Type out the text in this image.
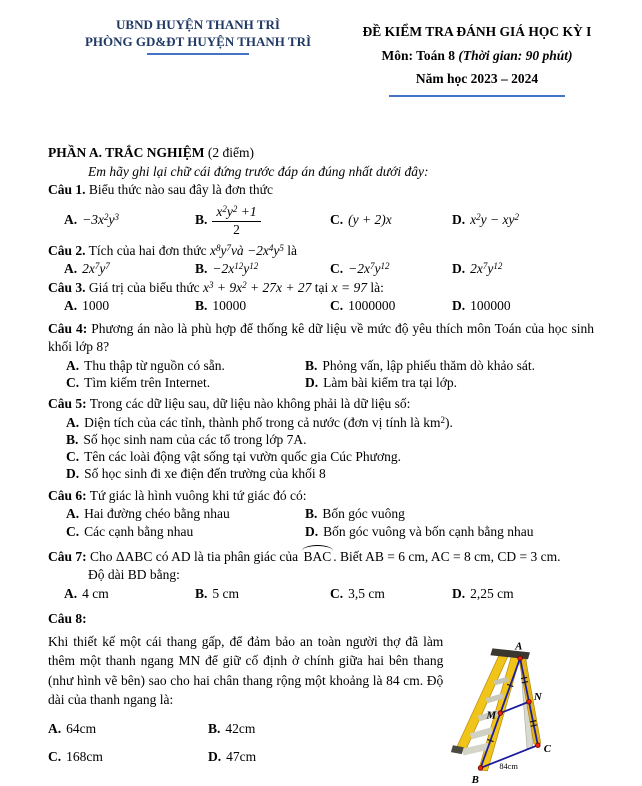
UBND HUYỆN THANH TRÌ
PHÒNG GD&ĐT HUYỆN THANH TRÌ
ĐỀ KIỂM TRA ĐÁNH GIÁ HỌC KỲ I
Môn: Toán 8 (Thời gian: 90 phút)
Năm học 2023 – 2024

PHẦN A. TRẮC NGHIỆM (2 điểm)

Em hãy ghi lại chữ cái đứng trước đáp án đúng nhất dưới đây:

Câu 1. Biểu thức nào sau đây là đơn thức

A. $-3x^2y^3$	B. $\frac{x^2y^2 +1}{2}$	C. (y + 2)x	D. $x^2y - xy^2$

Câu 2. Tích của hai đơn thức $x^8y^7và -2x^4y^5$ là

A. $2x^7y^7$	B. $-2x^{12}y^{12}$	C. $-2x^7y^{12}$	D. $2x^7y^{12}$

Câu 3. Giá trị của biểu thức $x^3 + 9x^2 + 27x + 27$ tại x = 97 là:

A. 1000	B. 10000	C. 1000000	D. 100000

Câu 4: Phương án nào là phù hợp để thống kê dữ liệu về mức độ yêu thích môn Toán của học sinh khối lớp 8?

A. Thu thập từ nguồn có sẵn.	B. Phỏng vấn, lập phiếu thăm dò khảo sát.
C. Tìm kiếm trên Internet.	D. Làm bài kiểm tra tại lớp.

Câu 5: Trong các dữ liệu sau, dữ liệu nào không phải là dữ liệu số:

A. Diện tích của các tỉnh, thành phố trong cả nước (đơn vị tính là $km^2$).

B. Số học sinh nam của các tổ trong lớp 7A.

C. Tên các loài động vật sống tại vườn quốc gia Cúc Phương.

D. Số học sinh đi xe điện đến trường của khối 8

Câu 6: Tứ giác là hình vuông khi tứ giác đó có:

A. Hai đường chéo bằng nhau	B. Bốn góc vuông
C. Các cạnh bằng nhau	D. Bốn góc vuông và bốn cạnh bằng nhau

Câu 7: Cho ΔABC có AD là tia phân giác của
BAC . Biết AB = 6 cm, AC = 8 cm, CD = 3 cm.

Độ dài BD bằng:

A. 4 cm	B. 5 cm	C. 3,5 cm	D. 2,25 cm

Câu 8:

Khi thiết kế một cái thang gấp, để đảm bảo an toàn người thợ đã làm thêm một thanh ngang MN để giữ cố định ở chính giữa hai bên thang (như hình vẽ bên) sao cho hai chân thang rộng một khoảng là 84 cm. Độ dài của thanh ngang là:

A. 64cm	B. 42cm
C. 168cm	D. 47cm
A
B
C
M
N
84cm
